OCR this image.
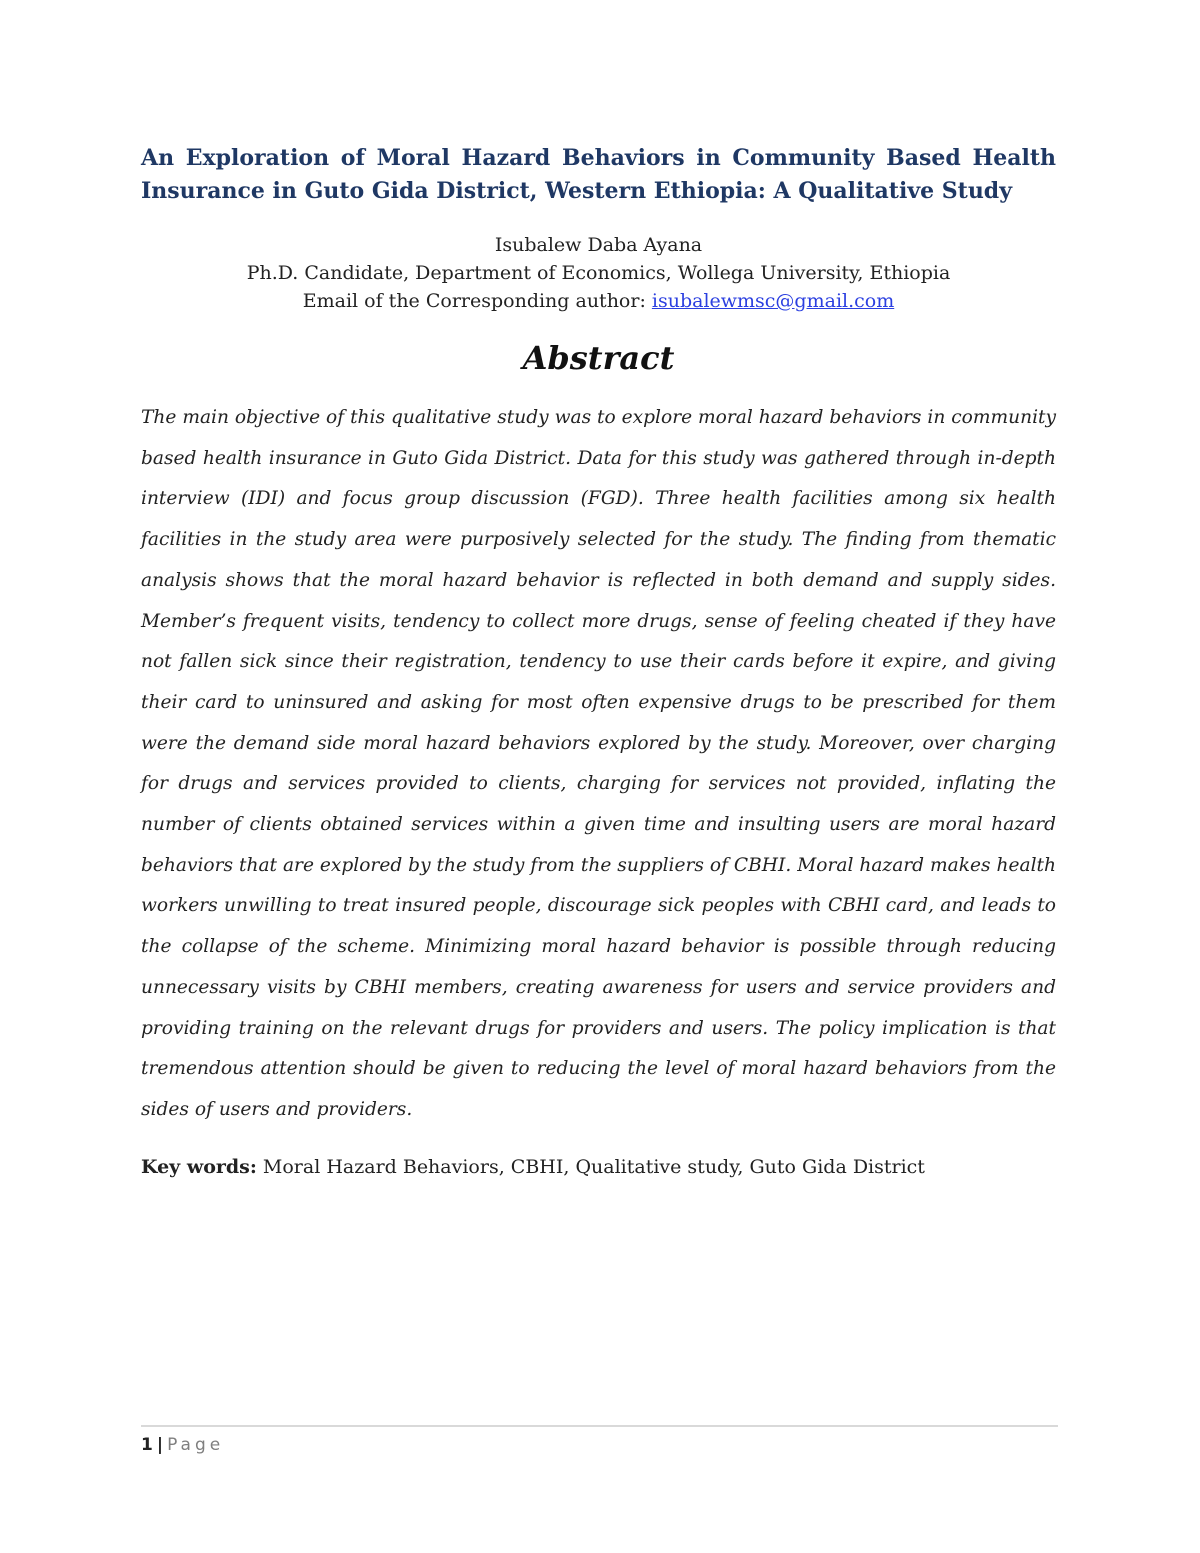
An Exploration of Moral Hazard Behaviors in Community Based Health Insurance in Guto Gida District, Western Ethiopia: A Qualitative Study
Isubalew Daba Ayana
Ph.D. Candidate, Department of Economics, Wollega University, Ethiopia
Email of the Corresponding author: isubalewmsc@gmail.com
Abstract

The main objective of this qualitative study was to explore moral hazard behaviors in community based health insurance in Guto Gida District. Data for this study was gathered through in-depth interview (IDI) and focus group discussion (FGD). Three health facilities among six health facilities in the study area were purposively selected for the study. The finding from thematic analysis shows that the moral hazard behavior is reflected in both demand and supply sides. Member’s frequent visits, tendency to collect more drugs, sense of feeling cheated if they have not fallen sick since their registration, tendency to use their cards before it expire, and giving their card to uninsured and asking for most often expensive drugs to be prescribed for them were the demand side moral hazard behaviors explored by the study. Moreover, over charging for drugs and services provided to clients, charging for services not provided, inflating the number of clients obtained services within a given time and insulting users are moral hazard behaviors that are explored by the study from the suppliers of CBHI. Moral hazard makes health workers unwilling to treat insured people, discourage sick peoples with CBHI card, and leads to the collapse of the scheme. Minimizing moral hazard behavior is possible through reducing unnecessary visits by CBHI members, creating awareness for users and service providers and providing training on the relevant drugs for providers and users. The policy implication is that tremendous attention should be given to reducing the level of moral hazard behaviors from the sides of users and providers.

Key words: Moral Hazard Behaviors, CBHI, Qualitative study, Guto Gida District
1 | Page
